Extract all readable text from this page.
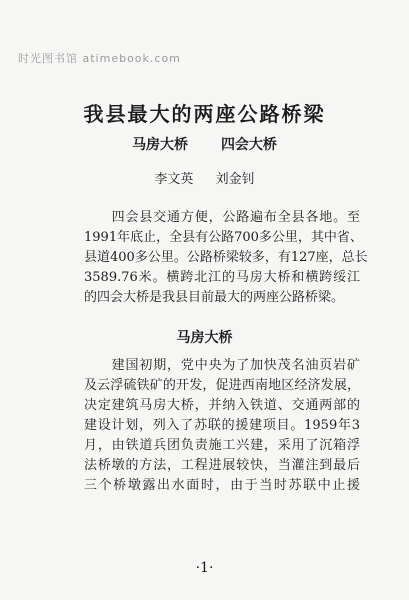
时光图书馆 atimebook.com
我县最大的两座公路桥梁
马房大桥 四会大桥
李文英 刘金钊
　　四会县交通方便，公路遍布全县各地。至
1991年底止，全县有公路700多公里，其中省、
县道400多公里。公路桥梁较多，有127座，总长
3589.76米。横跨北江的马房大桥和横跨绥江
的四会大桥是我县目前最大的两座公路桥梁。
马房大桥
　　建国初期，党中央为了加快茂名油页岩矿
及云浮硫铁矿的开发，促进西南地区经济发展，
决定建筑马房大桥，并纳入铁道、交通两部的
建设计划，列入了苏联的援建项目。1959年3
月，由铁道兵团负责施工兴建，采用了沉箱浮
法桥墩的方法，工程进展较快，当灌注到最后
三个桥墩露出水面时，由于当时苏联中止援
·1·
